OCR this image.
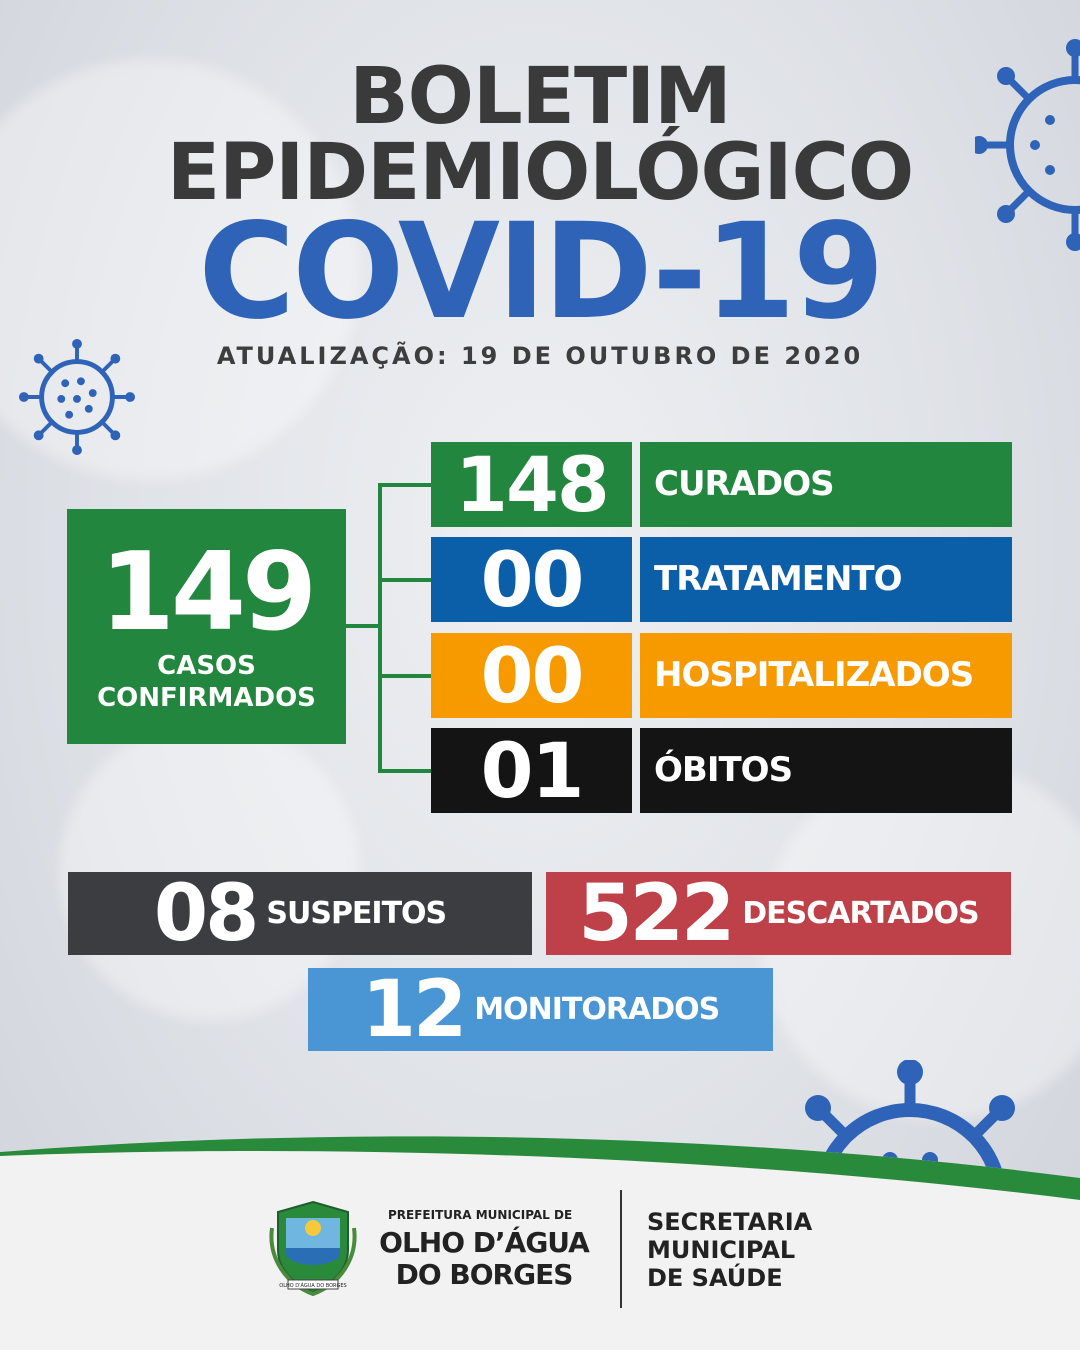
BOLETIM
EPIDEMIOLÓGICO
COVID-19
ATUALIZAÇÃO: 19 DE OUTUBRO DE 2020
149
CASOS
CONFIRMADOS
148	CURADOS
00	TRATAMENTO
00	HOSPITALIZADOS
01	ÓBITOS
08 SUSPEITOS 522 DESCARTADOS
12 MONITORADOS
OLHO D'ÁGUA DO BORGES
PREFEITURA MUNICIPAL DE
OLHO D’ÁGUA
DO BORGES
SECRETARIA
MUNICIPAL
DE SAÚDE
